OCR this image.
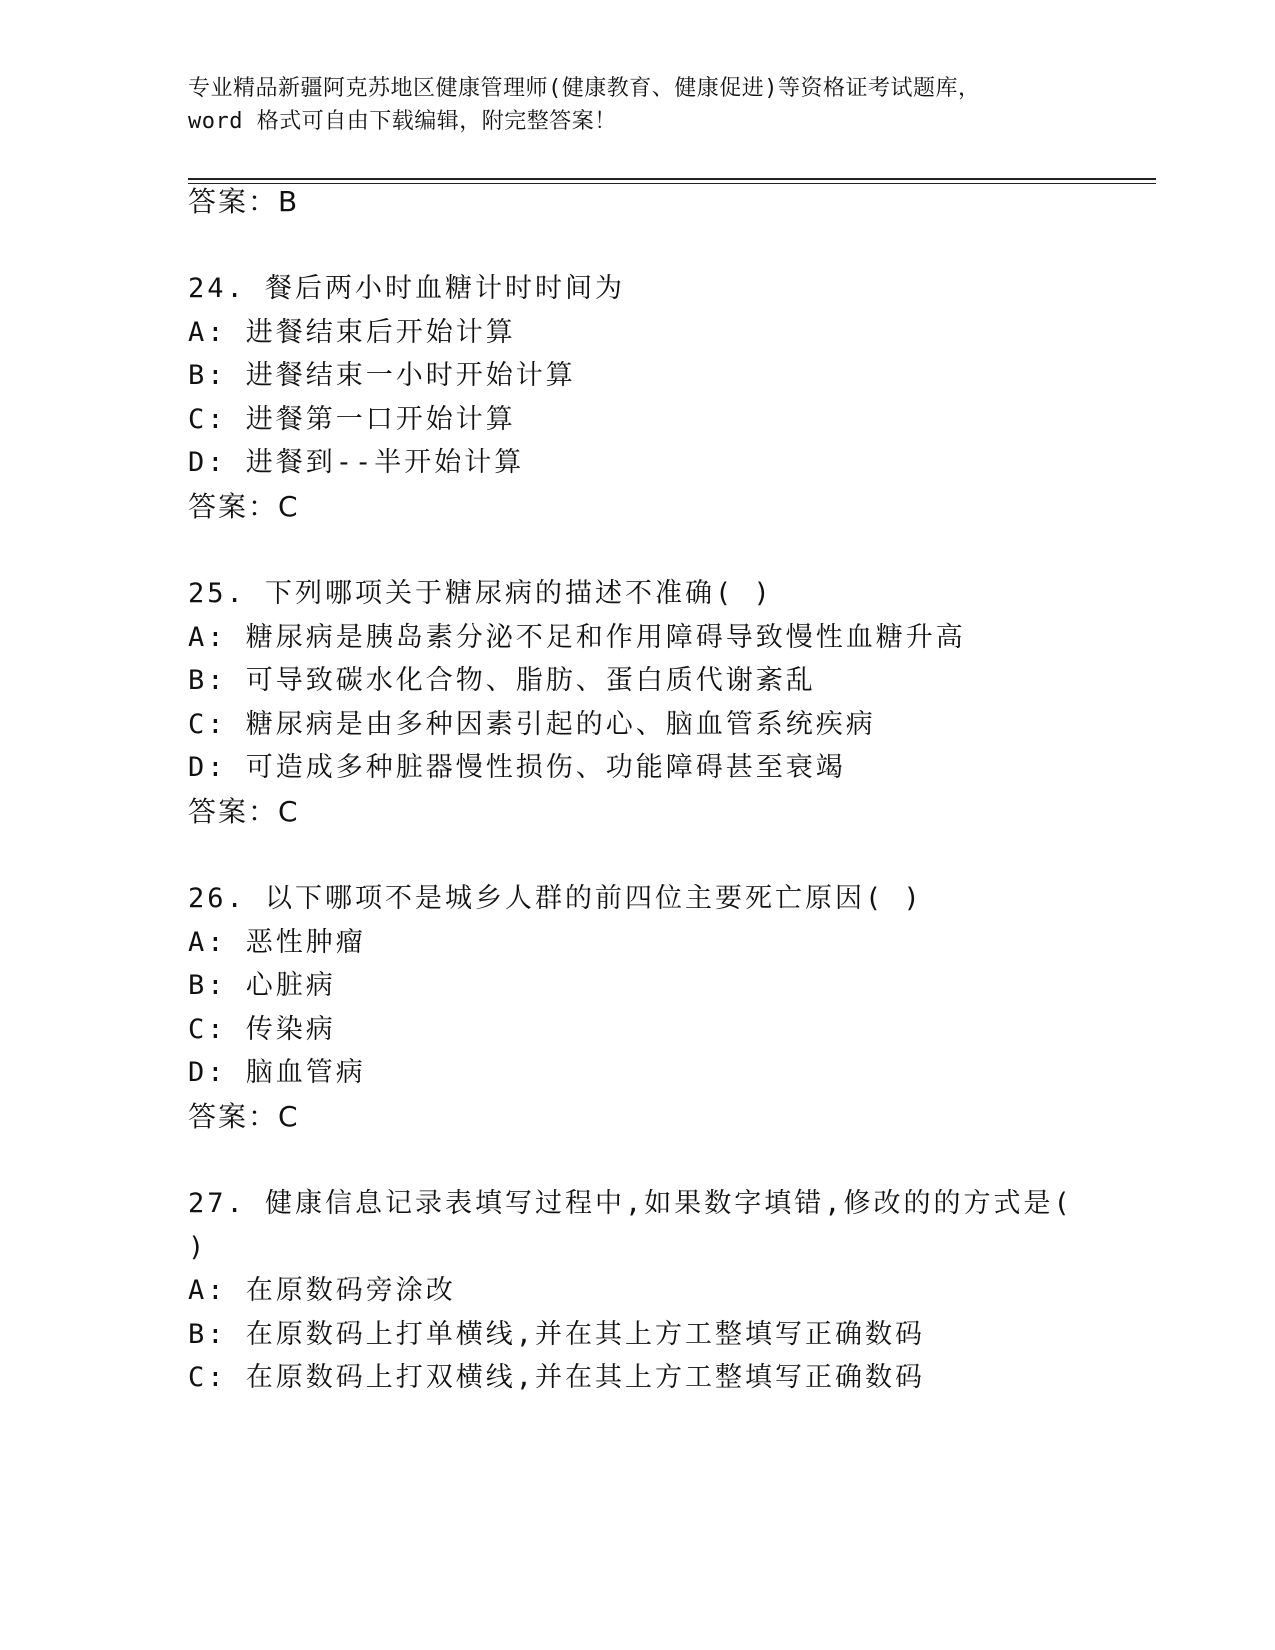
专业精品新疆阿克苏地区健康管理师(健康教育、健康促进)等资格证考试题库，
word 格式可自由下载编辑，附完整答案！
答案：B
24. 餐后两小时血糖计时时间为
A: 进餐结束后开始计算
B: 进餐结束一小时开始计算
C: 进餐第一口开始计算
D: 进餐到--半开始计算
答案：C
25. 下列哪项关于糖尿病的描述不准确( )
A: 糖尿病是胰岛素分泌不足和作用障碍导致慢性血糖升高
B: 可导致碳水化合物、脂肪、蛋白质代谢紊乱
C: 糖尿病是由多种因素引起的心、脑血管系统疾病
D: 可造成多种脏器慢性损伤、功能障碍甚至衰竭
答案：C
26. 以下哪项不是城乡人群的前四位主要死亡原因( )
A: 恶性肿瘤
B: 心脏病
C: 传染病
D: 脑血管病
答案：C
27. 健康信息记录表填写过程中,如果数字填错,修改的的方式是(
)
A: 在原数码旁涂改
B: 在原数码上打单横线,并在其上方工整填写正确数码
C: 在原数码上打双横线,并在其上方工整填写正确数码
